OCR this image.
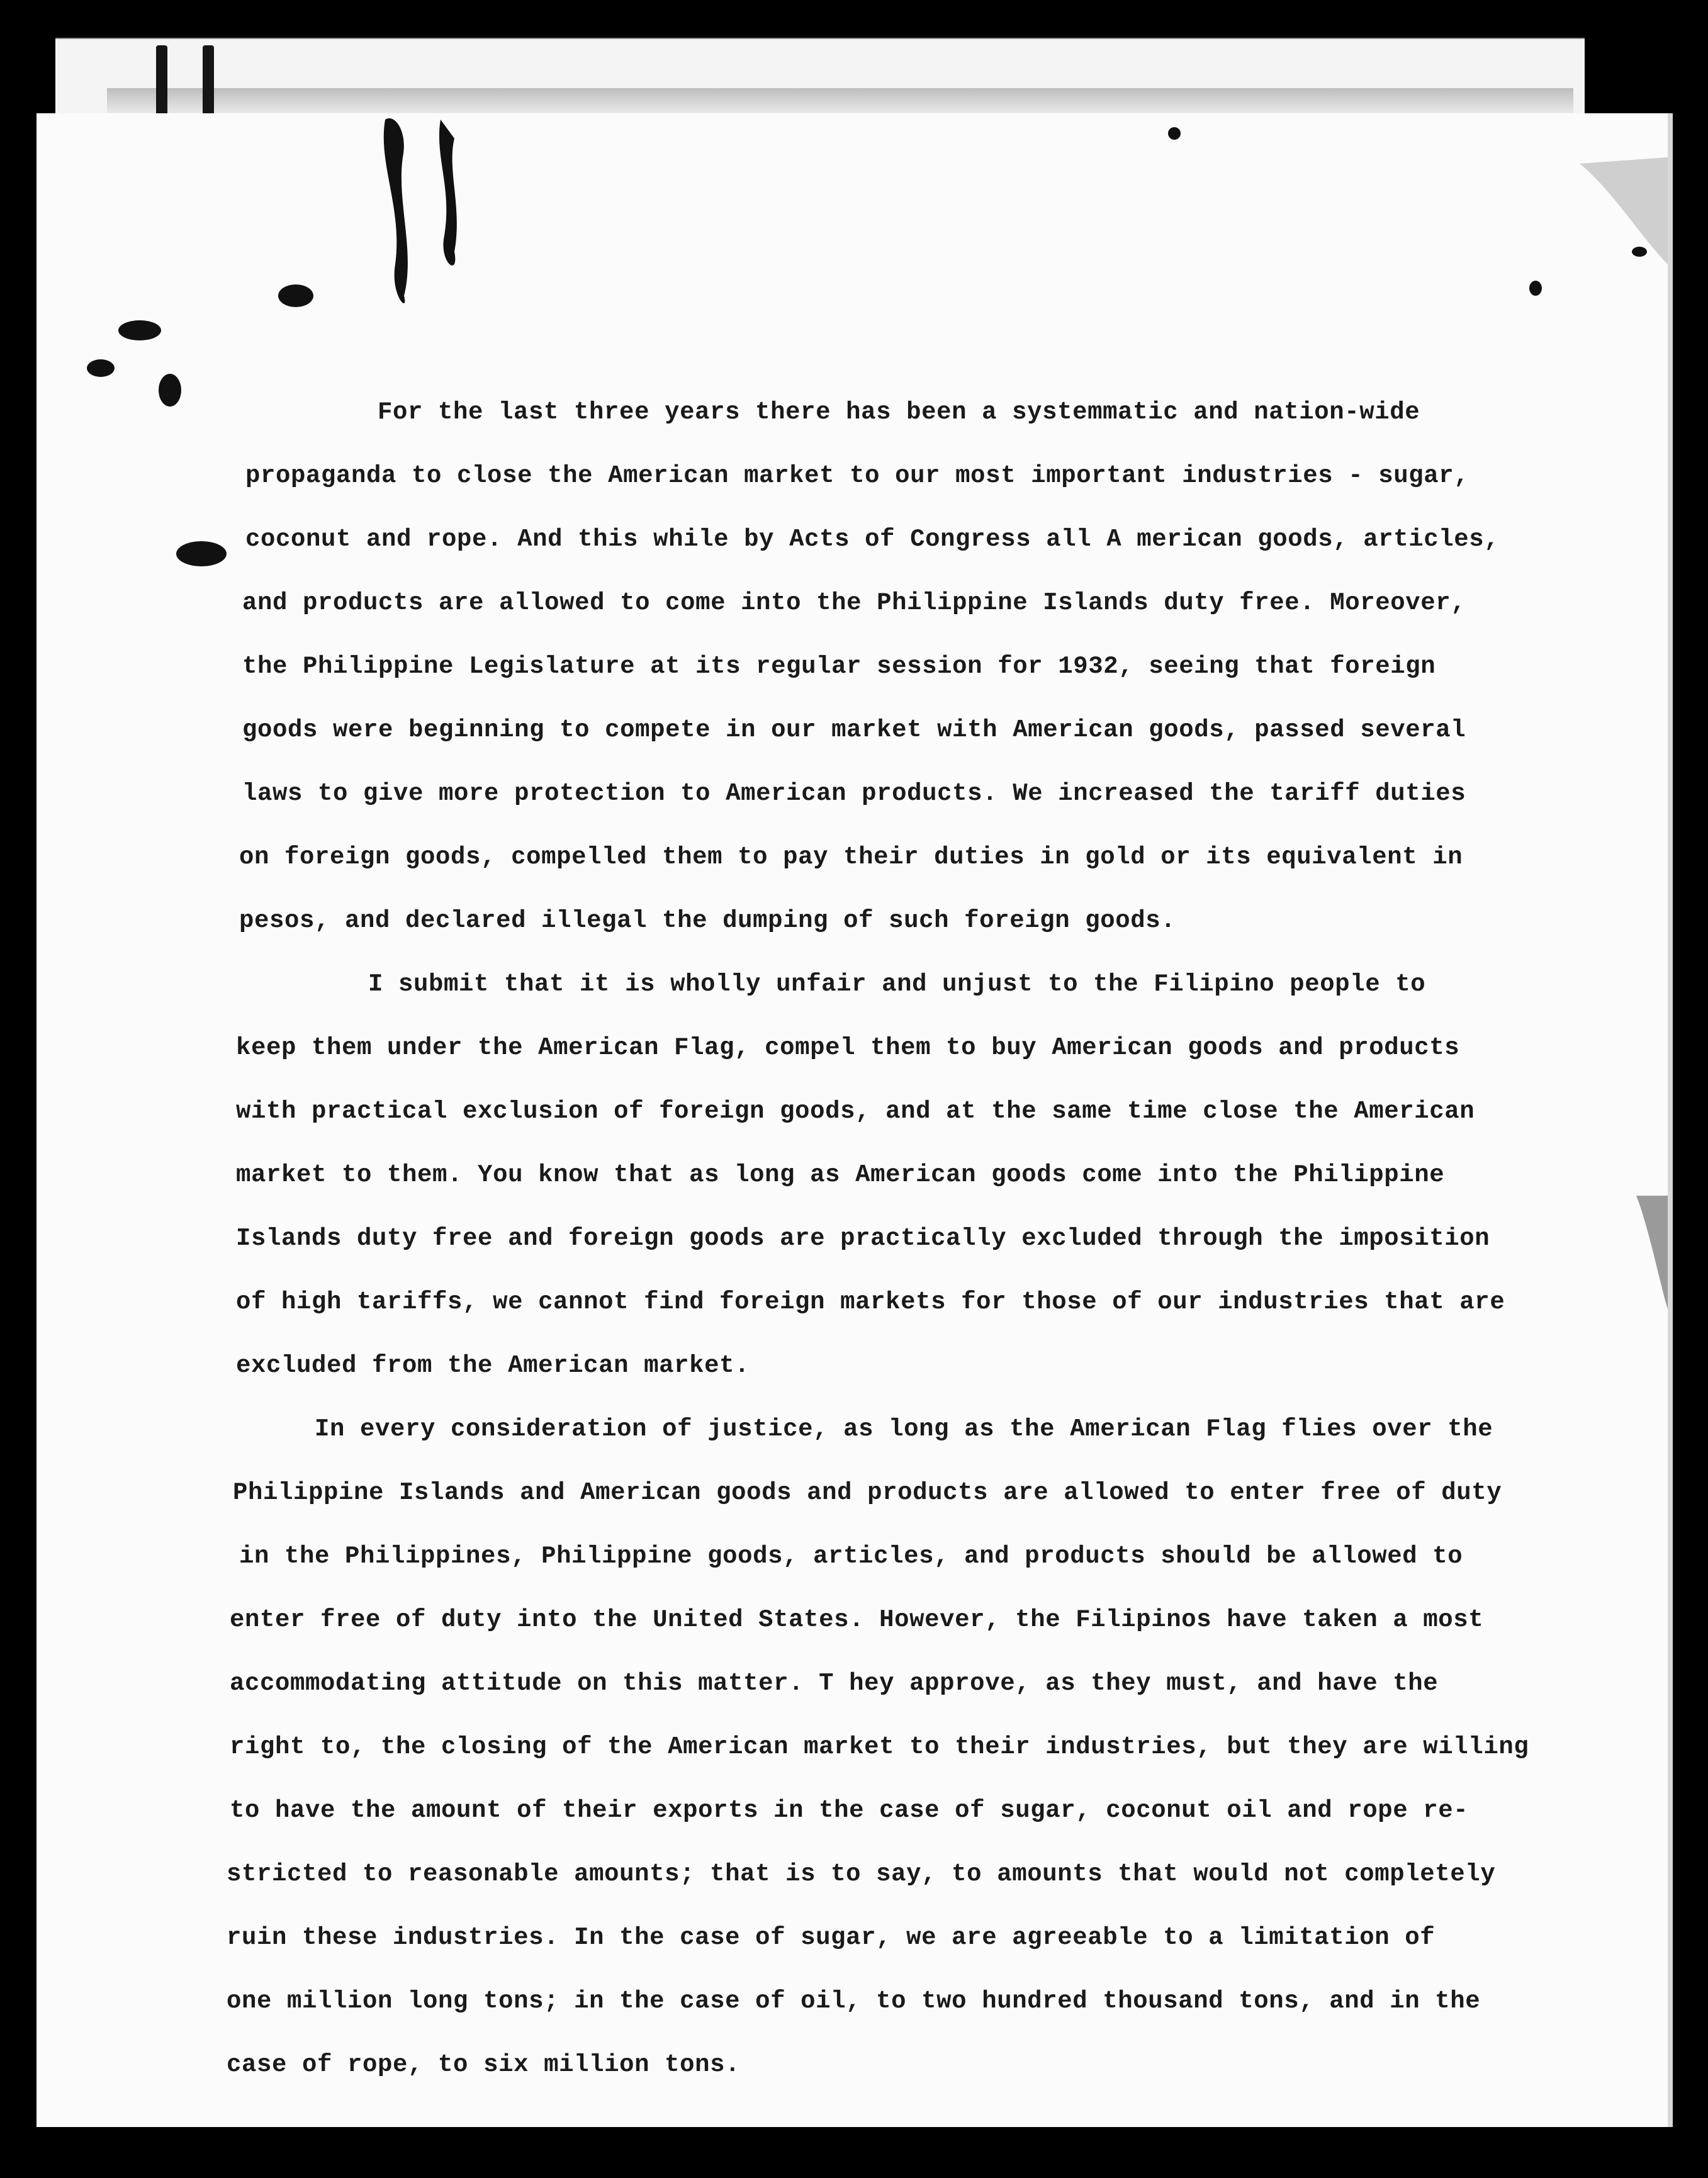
For the last three years there has been a systemmatic and nation-wide
propaganda to close the American market to our most important industries - sugar,
coconut and rope. And this while by Acts of Congress all A merican goods, articles,
and products are allowed to come into the Philippine Islands duty free. Moreover,
the Philippine Legislature at its regular session for 1932, seeing that foreign
goods were beginning to compete in our market with American goods, passed several
laws to give more protection to American products. We increased the tariff duties
on foreign goods, compelled them to pay their duties in gold or its equivalent in
pesos, and declared illegal the dumping of such foreign goods.
I submit that it is wholly unfair and unjust to the Filipino people to
keep them under the American Flag, compel them to buy American goods and products
with practical exclusion of foreign goods, and at the same time close the American
market to them. You know that as long as American goods come into the Philippine
Islands duty free and foreign goods are practically excluded through the imposition
of high tariffs, we cannot find foreign markets for those of our industries that are
excluded from the American market.
In every consideration of justice, as long as the American Flag flies over the
Philippine Islands and American goods and products are allowed to enter free of duty
in the Philippines, Philippine goods, articles, and products should be allowed to
enter free of duty into the United States. However, the Filipinos have taken a most
accommodating attitude on this matter. T hey approve, as they must, and have the
right to, the closing of the American market to their industries, but they are willing
to have the amount of their exports in the case of sugar, coconut oil and rope re-
stricted to reasonable amounts; that is to say, to amounts that would not completely
ruin these industries. In the case of sugar, we are agreeable to a limitation of
one million long tons; in the case of oil, to two hundred thousand tons, and in the
case of rope, to six million tons.
